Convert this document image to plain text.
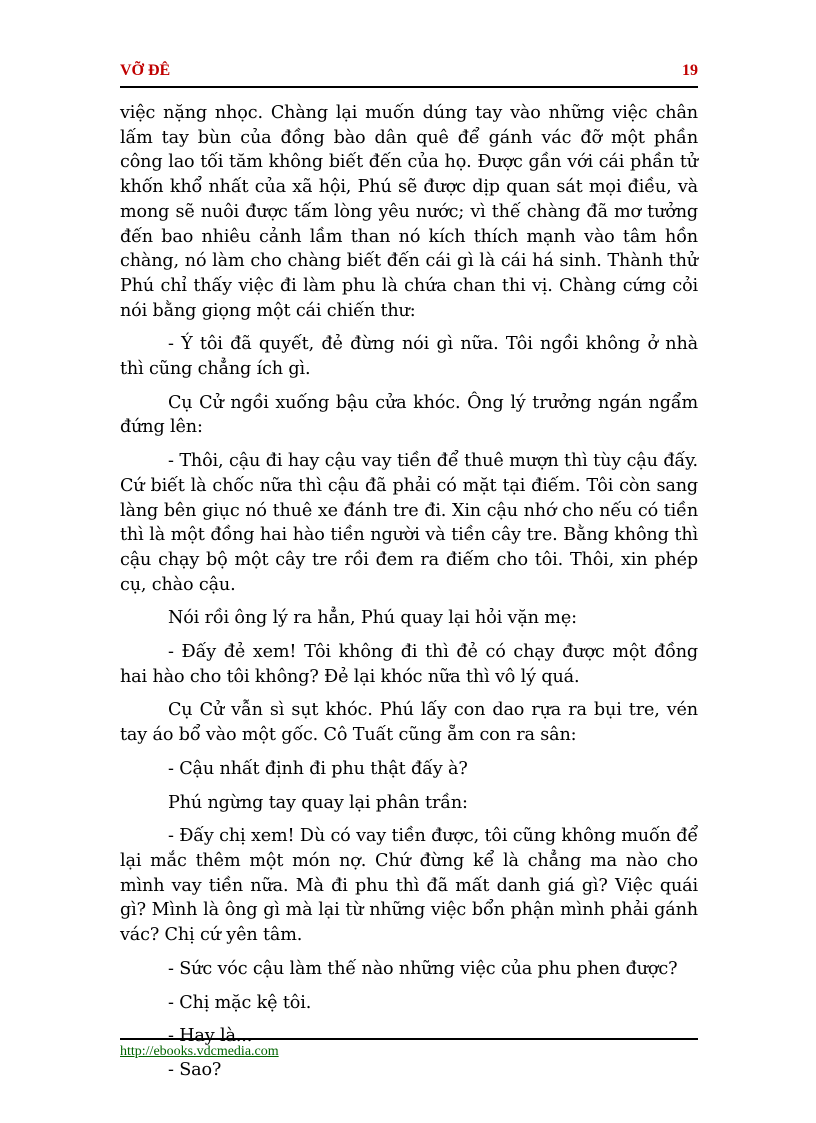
VỠ ĐÊ	19

việc nặng nhọc. Chàng lại muốn dúng tay vào những việc chân lấm tay bùn của đồng bào dân quê để gánh vác đỡ một phần công lao tối tăm không biết đến của họ. Được gần với cái phần tử khốn khổ nhất của xã hội, Phú sẽ được dịp quan sát mọi điều, và mong sẽ nuôi được tấm lòng yêu nước; vì thế chàng đã mơ tưởng đến bao nhiêu cảnh lầm than nó kích thích mạnh vào tâm hồn chàng, nó làm cho chàng biết đến cái gì là cái há sinh. Thành thử Phú chỉ thấy việc đi làm phu là chứa chan thi vị. Chàng cứng cỏi nói bằng giọng một cái chiến thư:

- Ý tôi đã quyết, đẻ đừng nói gì nữa. Tôi ngồi không ở nhà thì cũng chẳng ích gì.

Cụ Cử ngồi xuống bậu cửa khóc. Ông lý trưởng ngán ngẩm đứng lên:

- Thôi, cậu đi hay cậu vay tiền để thuê mượn thì tùy cậu đấy. Cứ biết là chốc nữa thì cậu đã phải có mặt tại điếm. Tôi còn sang làng bên giục nó thuê xe đánh tre đi. Xin cậu nhớ cho nếu có tiền thì là một đồng hai hào tiền người và tiền cây tre. Bằng không thì cậu chạy bộ một cây tre rồi đem ra điếm cho tôi. Thôi, xin phép cụ, chào cậu.

Nói rồi ông lý ra hẳn, Phú quay lại hỏi vặn mẹ:

- Đấy đẻ xem! Tôi không đi thì đẻ có chạy được một đồng hai hào cho tôi không? Đẻ lại khóc nữa thì vô lý quá.

Cụ Cử vẫn sì sụt khóc. Phú lấy con dao rựa ra bụi tre, vén tay áo bổ vào một gốc. Cô Tuất cũng ẵm con ra sân:

- Cậu nhất định đi phu thật đấy à?

Phú ngừng tay quay lại phân trần:

- Đấy chị xem! Dù có vay tiền được, tôi cũng không muốn để lại mắc thêm một món nợ. Chứ đừng kể là chẳng ma nào cho mình vay tiền nữa. Mà đi phu thì đã mất danh giá gì? Việc quái gì? Mình là ông gì mà lại từ những việc bổn phận mình phải gánh vác? Chị cứ yên tâm.

- Sức vóc cậu làm thế nào những việc của phu phen được?

- Chị mặc kệ tôi.

- Hay là...

- Sao?

http://ebooks.vdcmedia.com
